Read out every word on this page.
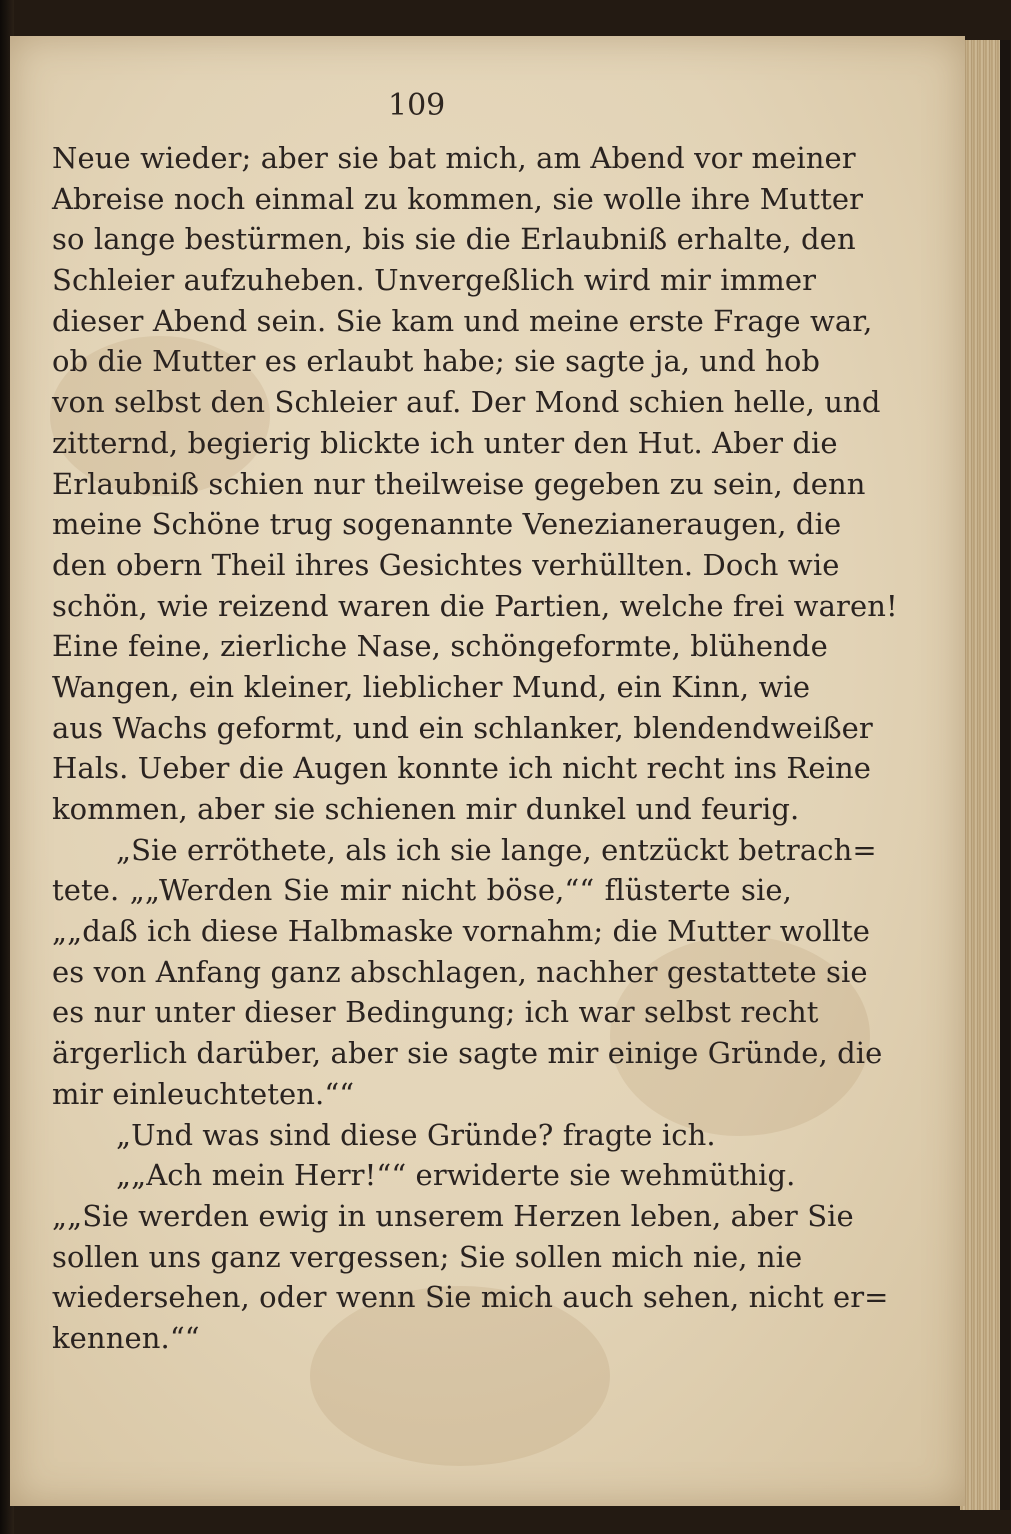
109
Neue wieder; aber sie bat mich, am Abend vor meiner
Abreise noch einmal zu kommen, sie wolle ihre Mutter
so lange bestürmen, bis sie die Erlaubniß erhalte, den
Schleier aufzuheben. Unvergeßlich wird mir immer
dieser Abend sein. Sie kam und meine erste Frage war,
ob die Mutter es erlaubt habe; sie sagte ja, und hob
von selbst den Schleier auf. Der Mond schien helle, und
zitternd, begierig blickte ich unter den Hut. Aber die
Erlaubniß schien nur theilweise gegeben zu sein, denn
meine Schöne trug sogenannte Venezianeraugen, die
den obern Theil ihres Gesichtes verhüllten. Doch wie
schön, wie reizend waren die Partien, welche frei waren!
Eine feine, zierliche Nase, schöngeformte, blühende
Wangen, ein kleiner, lieblicher Mund, ein Kinn, wie
aus Wachs geformt, und ein schlanker, blendendweißer
Hals. Ueber die Augen konnte ich nicht recht ins Reine
kommen, aber sie schienen mir dunkel und feurig.
„Sie erröthete, als ich sie lange, entzückt betrach=
tete. „„Werden Sie mir nicht böse,““ flüsterte sie,
„„daß ich diese Halbmaske vornahm; die Mutter wollte
es von Anfang ganz abschlagen, nachher gestattete sie
es nur unter dieser Bedingung; ich war selbst recht
ärgerlich darüber, aber sie sagte mir einige Gründe, die
mir einleuchteten.““
„Und was sind diese Gründe? fragte ich.
„„Ach mein Herr!““ erwiderte sie wehmüthig.
„„Sie werden ewig in unserem Herzen leben, aber Sie
sollen uns ganz vergessen; Sie sollen mich nie, nie
wiedersehen, oder wenn Sie mich auch sehen, nicht er=
kennen.““
